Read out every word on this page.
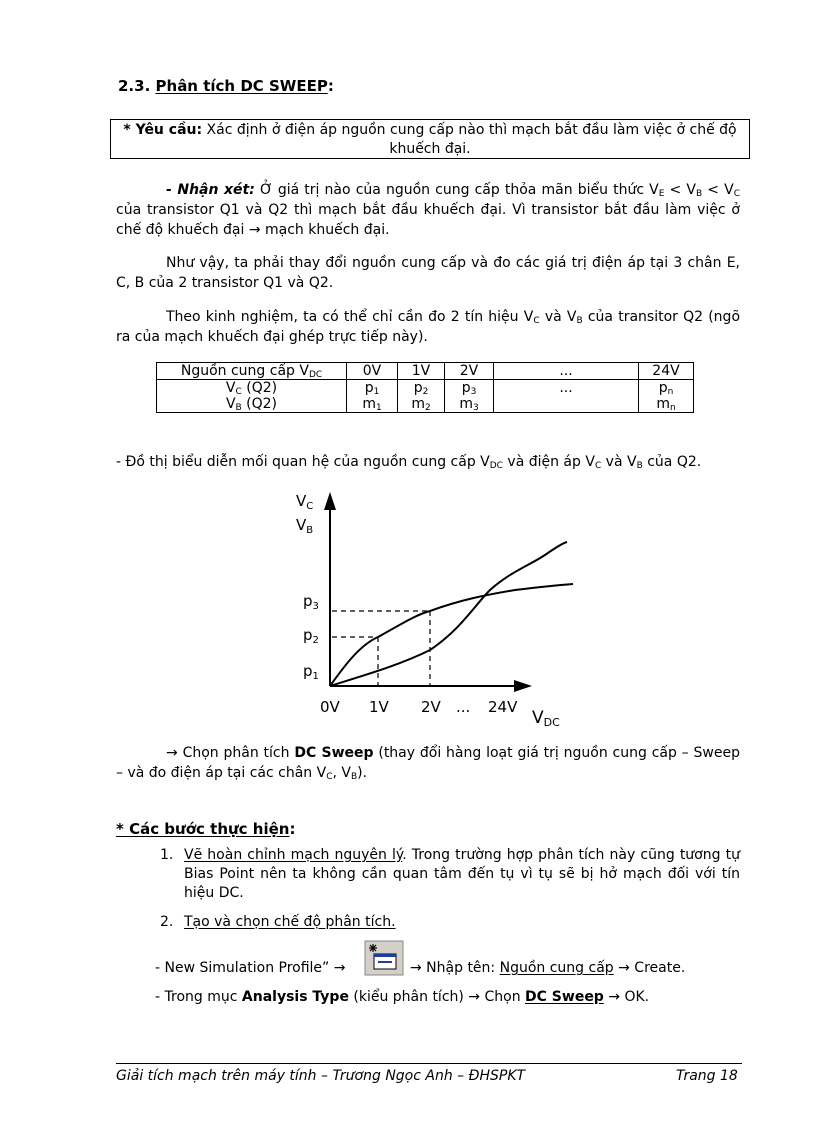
2.3. Phân tích DC SWEEP:
* Yêu cầu: Xác định ở điện áp nguồn cung cấp nào thì mạch bắt đầu làm việc ở chế độ khuếch đại.
- Nhận xét: Ở giá trị nào của nguồn cung cấp thỏa mãn biểu thức $V_E < V_B < V_C$ của transistor Q1 và Q2 thì mạch bắt đầu khuếch đại. Vì transistor bắt đầu làm việc ở chế độ khuếch đại → mạch khuếch đại.
Như vậy, ta phải thay đổi nguồn cung cấp và đo các giá trị điện áp tại 3 chân E, C, B của 2 transistor Q1 và Q2.
Theo kinh nghiệm, ta có thể chỉ cần đo 2 tín hiệu $V_C$ và $V_B$ của transitor Q2 (ngõ ra của mạch khuếch đại ghép trực tiếp này).
Nguồn cung cấp $V_{DC}$	0V	1V	2V	...	24V
$V_C$ (Q2)	$p_1$	$p_2$	$p_3$	...	$p_n$
$V_B$ (Q2)	$m_1$	$m_2$	$m_3$		$m_n$
- Đồ thị biểu diễn mối quan hệ của nguồn cung cấp $V_{DC}$ và điện áp $V_C$ và $V_B$ của Q2.
$V_C$
$V_B$
$p_3$
$p_2$
$p_1$
0V 1V 2V ... 24V
VDC
→ Chọn phân tích DC Sweep (thay đổi hàng loạt giá trị nguồn cung cấp – Sweep – và đo điện áp tại các chân $V_C$, $V_B$).
* Các bước thực hiện:
1. Vẽ hoàn chỉnh mạch nguyên lý. Trong trường hợp phân tích này cũng tương tự Bias Point nên ta không cần quan tâm đến tụ vì tụ sẽ bị hở mạch đối với tín hiệu DC.
2. Tạo và chọn chế độ phân tích.
- New Simulation Profile” →	→ Nhập tên: Nguồn cung cấp → Create.
- Trong mục Analysis Type (kiểu phân tích) → Chọn DC Sweep → OK.
Giải tích mạch trên máy tính – Trương Ngọc Anh – ĐHSPKT	Trang 18
